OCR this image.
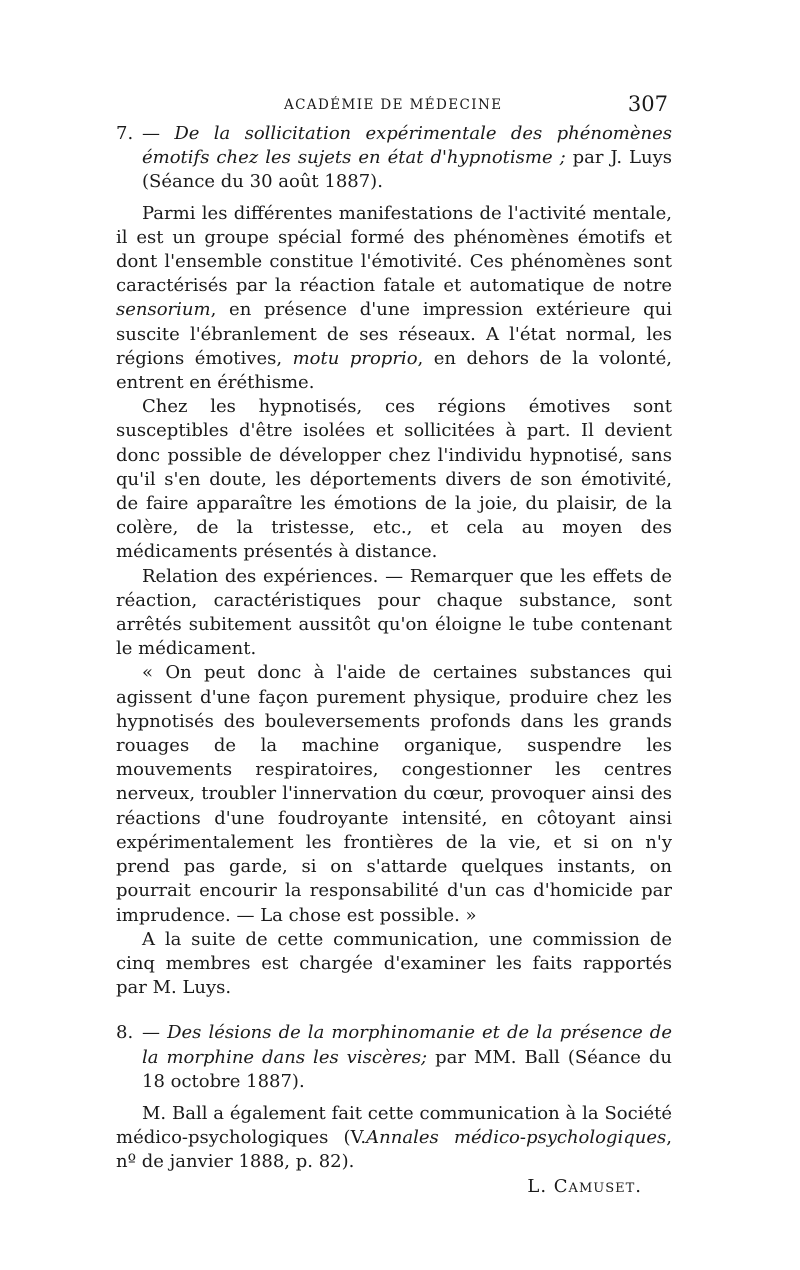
ACADÉMIE DE MÉDECINE	307

7. — De la sollicitation expérimentale des phénomènes émotifs chez les sujets en état d'hypnotisme ; par J. Luys (Séance du 30 août 1887).

Parmi les différentes manifestations de l'activité mentale, il est un groupe spécial formé des phénomènes émotifs et dont l'ensemble constitue l'émotivité. Ces phénomènes sont caractérisés par la réaction fatale et automatique de notre sensorium, en présence d'une impression extérieure qui suscite l'ébranlement de ses réseaux. A l'état normal, les régions émotives, motu proprio, en dehors de la volonté, entrent en éréthisme.

Chez les hypnotisés, ces régions émotives sont susceptibles d'être isolées et sollicitées à part. Il devient donc possible de développer chez l'individu hypnotisé, sans qu'il s'en doute, les déportements divers de son émotivité, de faire apparaître les émotions de la joie, du plaisir, de la colère, de la tristesse, etc., et cela au moyen des médicaments présentés à distance.

Relation des expériences. — Remarquer que les effets de réaction, caractéristiques pour chaque substance, sont arrêtés subitement aussitôt qu'on éloigne le tube contenant le médicament.

« On peut donc à l'aide de certaines substances qui agissent d'une façon purement physique, produire chez les hypnotisés des bouleversements profonds dans les grands rouages de la machine organique, suspendre les mouvements respiratoires, congestionner les centres nerveux, troubler l'innervation du cœur, provoquer ainsi des réactions d'une foudroyante intensité, en côtoyant ainsi expérimentalement les frontières de la vie, et si on n'y prend pas garde, si on s'attarde quelques instants, on pourrait encourir la responsabilité d'un cas d'homicide par imprudence. — La chose est possible. »

A la suite de cette communication, une commission de cinq membres est chargée d'examiner les faits rapportés par M. Luys.

8. — Des lésions de la morphinomanie et de la présence de la morphine dans les viscères; par MM. Ball (Séance du 18 octobre 1887).

M. Ball a également fait cette communication à la Société médico-psychologiques (V.Annales médico-psychologiques, nº de janvier 1888, p. 82).

L. Camuset.
